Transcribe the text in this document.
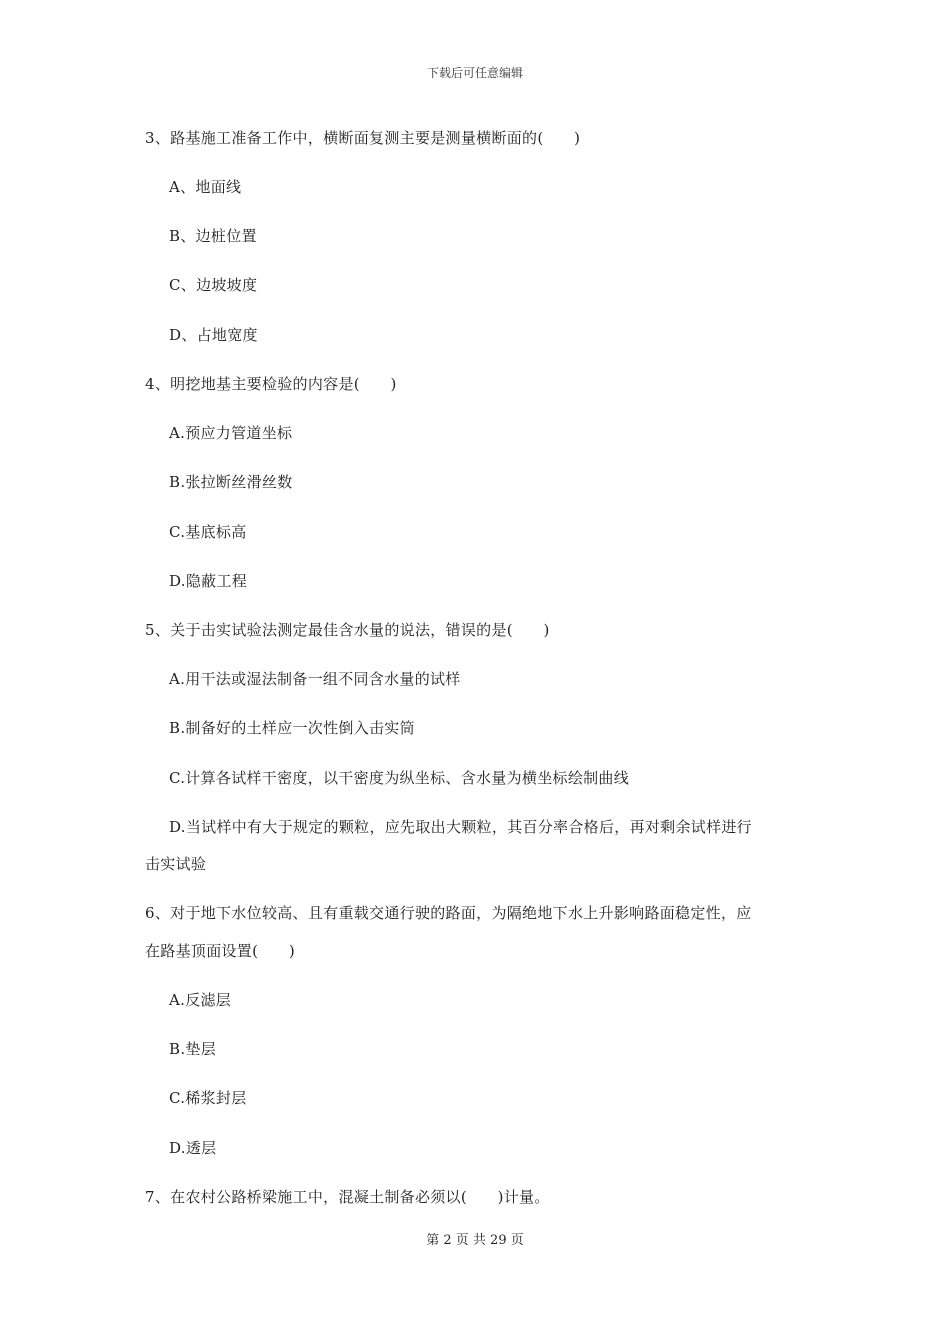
下载后可任意编辑
3、路基施工准备工作中，横断面复测主要是测量横断面的(　　)
A、地面线
B、边桩位置
C、边坡坡度
D、占地宽度
4、明挖地基主要检验的内容是(　　)
A.预应力管道坐标
B.张拉断丝滑丝数
C.基底标高
D.隐蔽工程
5、关于击实试验法测定最佳含水量的说法，错误的是(　　)
A.用干法或湿法制备一组不同含水量的试样
B.制备好的土样应一次性倒入击实筒
C.计算各试样干密度，以干密度为纵坐标、含水量为横坐标绘制曲线
D.当试样中有大于规定的颗粒，应先取出大颗粒，其百分率合格后，再对剩余试样进行
击实试验
6、对于地下水位较高、且有重载交通行驶的路面，为隔绝地下水上升影响路面稳定性，应
在路基顶面设置(　　)
A.反滤层
B.垫层
C.稀浆封层
D.透层
7、在农村公路桥梁施工中，混凝土制备必须以(　　)计量。
第 2 页 共 29 页
